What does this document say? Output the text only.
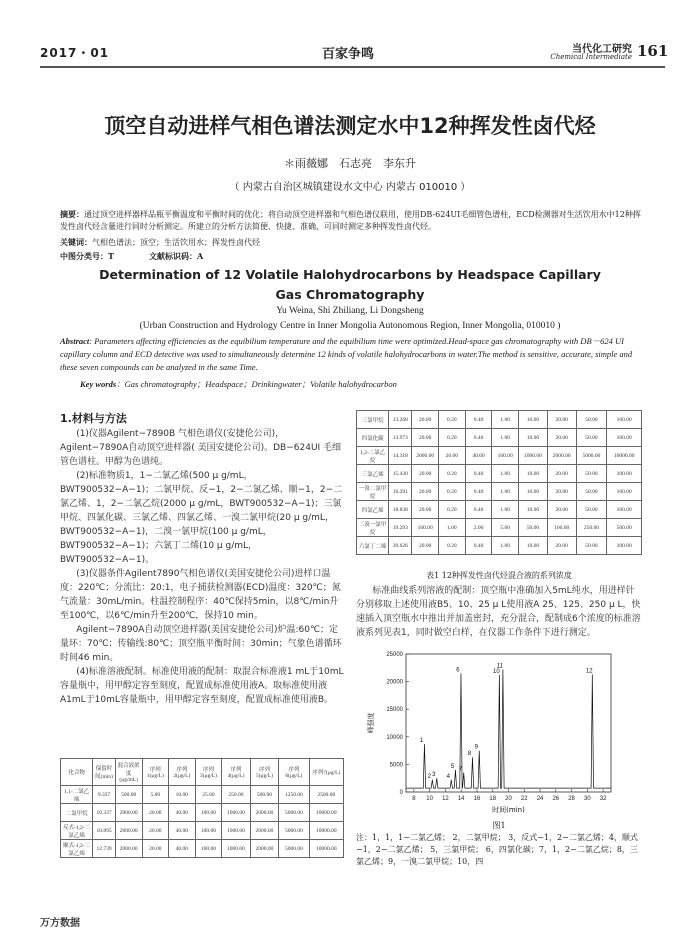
2017・01	百家争鸣	当代化工研究
Chemical Intermediate 161
顶空自动进样气相色谱法测定水中12种挥发性卤代烃
＊雨薇娜　石志亮　李东升
（ 内蒙古自治区城镇建设水文中心 内蒙古 010010 ）
摘要：通过顶空进样器样品瓶平衡温度和平衡时间的优化；将自动顶空进样器和气相色谱仪联用，使用DB-624UI毛细管色谱柱，ECD检测器对生活饮用水中12种挥发性卤代烃含量进行同时分析测定。所建立的分析方法简便、快捷、准确、可同时测定多种挥发性卤代烃。
关键词：气相色谱法；顶空；生活饮用水；挥发性卤代烃
中图分类号：T	文献标识码：A
Determination of 12 Volatile Halohydrocarbons by Headspace Capillary Gas Chromatography
Yu Weina, Shi Zhiliang, Li Dongsheng
(Urban Construction and Hydrology Centre in Inner Mongolia Autonomous Region, Inner Mongolia, 010010 )
Abstract: Parameters affecting efficiencies as the equibilium temperature and the equibilium time were optimized.Head-space gas chromatography with DB－624 UI capillary column and ECD detective was used to simultaneously determine 12 kinds of volatile halohydrocarbons in water.The method is sensitive, accurate, simple and these seven compounds can be analyzed in the same Time.
Key words：Gas chromatography；Headspace；Drinkingwater；Volatile halohydrocarbon
1.材料与方法

(1)仪器Agilent−7890B 气相色谱仪(安捷伦公司)，Agilent−7890A自动顶空进样器( 美国安捷伦公司)。DB−624UI 毛细管色谱柱。甲醇为色谱纯。

(2)标准物质1，1−二氯乙烯(500 μ g/mL，BWT900532−A−1)；二氯甲烷、反−1，2−二氯乙烯、顺−1，2−二氯乙烯、1，2−二氯乙烷(2000 μ g/mL，BWT900532−A−1)；三氯甲烷、四氯化碳、三氯乙烯、四氯乙烯、一溴二氯甲烷(20 μ g/mL，BWT900532−A−1)，二溴一氯甲烷(100 μ g/mL，BWT900532−A−1)；六氯丁二烯(10 μ g/mL，BWT900532−A−1)。

(3)仪器条件Agilent7890气相色谱仪(美国安捷伦公司)进样口温度：220℃；分流比：20:1，电子捕获检测器(ECD)温度：320℃；氮气流量：30mL/min。柱温控制程序：40℃保持5min，以8℃/min升至100℃，以6℃/min升至200℃，保持10 min。

Agilent−7890A自动顶空进样器(美国安捷伦公司)炉温:60℃；定量环：70℃；传输线:80℃；顶空瓶平衡时间：30min；气象色谱循环时间46 min。

(4)标准溶液配制。标准使用液的配制：取混合标准液1 mL于10mL容量瓶中，用甲醇定容至刻度，配置成标准使用液A。取标准使用液A1mL于10mL容量瓶中，用甲醇定容至刻度，配置成标准使用液B。

化合物	保留时间(min)	混合液浓度(μg/mL)	序列1(μg/L)	序列2(μg/L)	序列3(μg/L)	序列4(μg/L)	序列5(μg/L)	序列6(μg/L)	序列7(μg/L)
1,1-二氯乙烯	9.337	500.00	5.00	10.00	25.00	250.00	500.00	1250.00	2500.00
二氯甲烷	10.337	2000.00	20.00	40.00	100.00	1000.00	2000.00	5000.00	10000.00
反式-1,2-二氯乙烯	10.895	2000.00	20.00	40.00	100.00	1000.00	2000.00	5000.00	10000.00
顺式-1,2-二氯乙烯	12.739	2000.00	20.00	40.00	100.00	1000.00	2000.00	5000.00	10000.00
三氯甲烷	13.268	20.00	0.20	0.40	1.00	10.00	20.00	50.00	100.00
四氯化碳	13.973	20.00	0.20	0.40	1.00	10.00	20.00	50.00	100.00
1,2-二氯乙烷	14.318	2000.00	20.00	40.00	100.00	1000.00	2000.00	5000.00	10000.00
三氯乙烯	15.430	20.00	0.20	0.40	1.00	10.00	20.00	50.00	100.00
一溴二氯甲烷	16.291	20.00	0.20	0.40	1.00	10.00	20.00	50.00	100.00
四氯乙烯	18.838	20.00	0.20	0.40	1.00	10.00	20.00	50.00	100.00
二溴一氯甲烷	19.293	100.00	1.00	2.00	5.00	50.00	100.00	250.00	500.00
六氯丁二烯	30.626	20.00	0.20	0.40	1.00	10.00	20.00	50.00	100.00
表1 12种挥发性卤代烃混合液的系列浓度

标准曲线系列溶液的配制：顶空瓶中准确加入5mL纯水，用进样针分别移取上述使用液B5、10、25 μ L使用液A 25、125、250 μ L，快速插入顶空瓶水中推出并加盖密封，充分混合，配制成6个浓度的标准溶液系列见表1，同时做空白样，在仪器工作条件下进行测定。

0
5000
10000
15000
20000
25000
8 10 12 14 16 18 20 22 24 26 28 30 32
1
2 3 4
5
6
7
8
9
10
11
12
时间(min)
峰强度
图1
注：1，1，1−二氯乙烯； 2，二氯甲烷； 3，反式−1，2−二氯乙烯；4，顺式−1，2−二氯乙烯； 5，三氯甲烷； 6，四氯化碳；7，1，2−二氯乙烷；8，三氯乙烯；9，一溴二氯甲烷；10，四
万方数据
